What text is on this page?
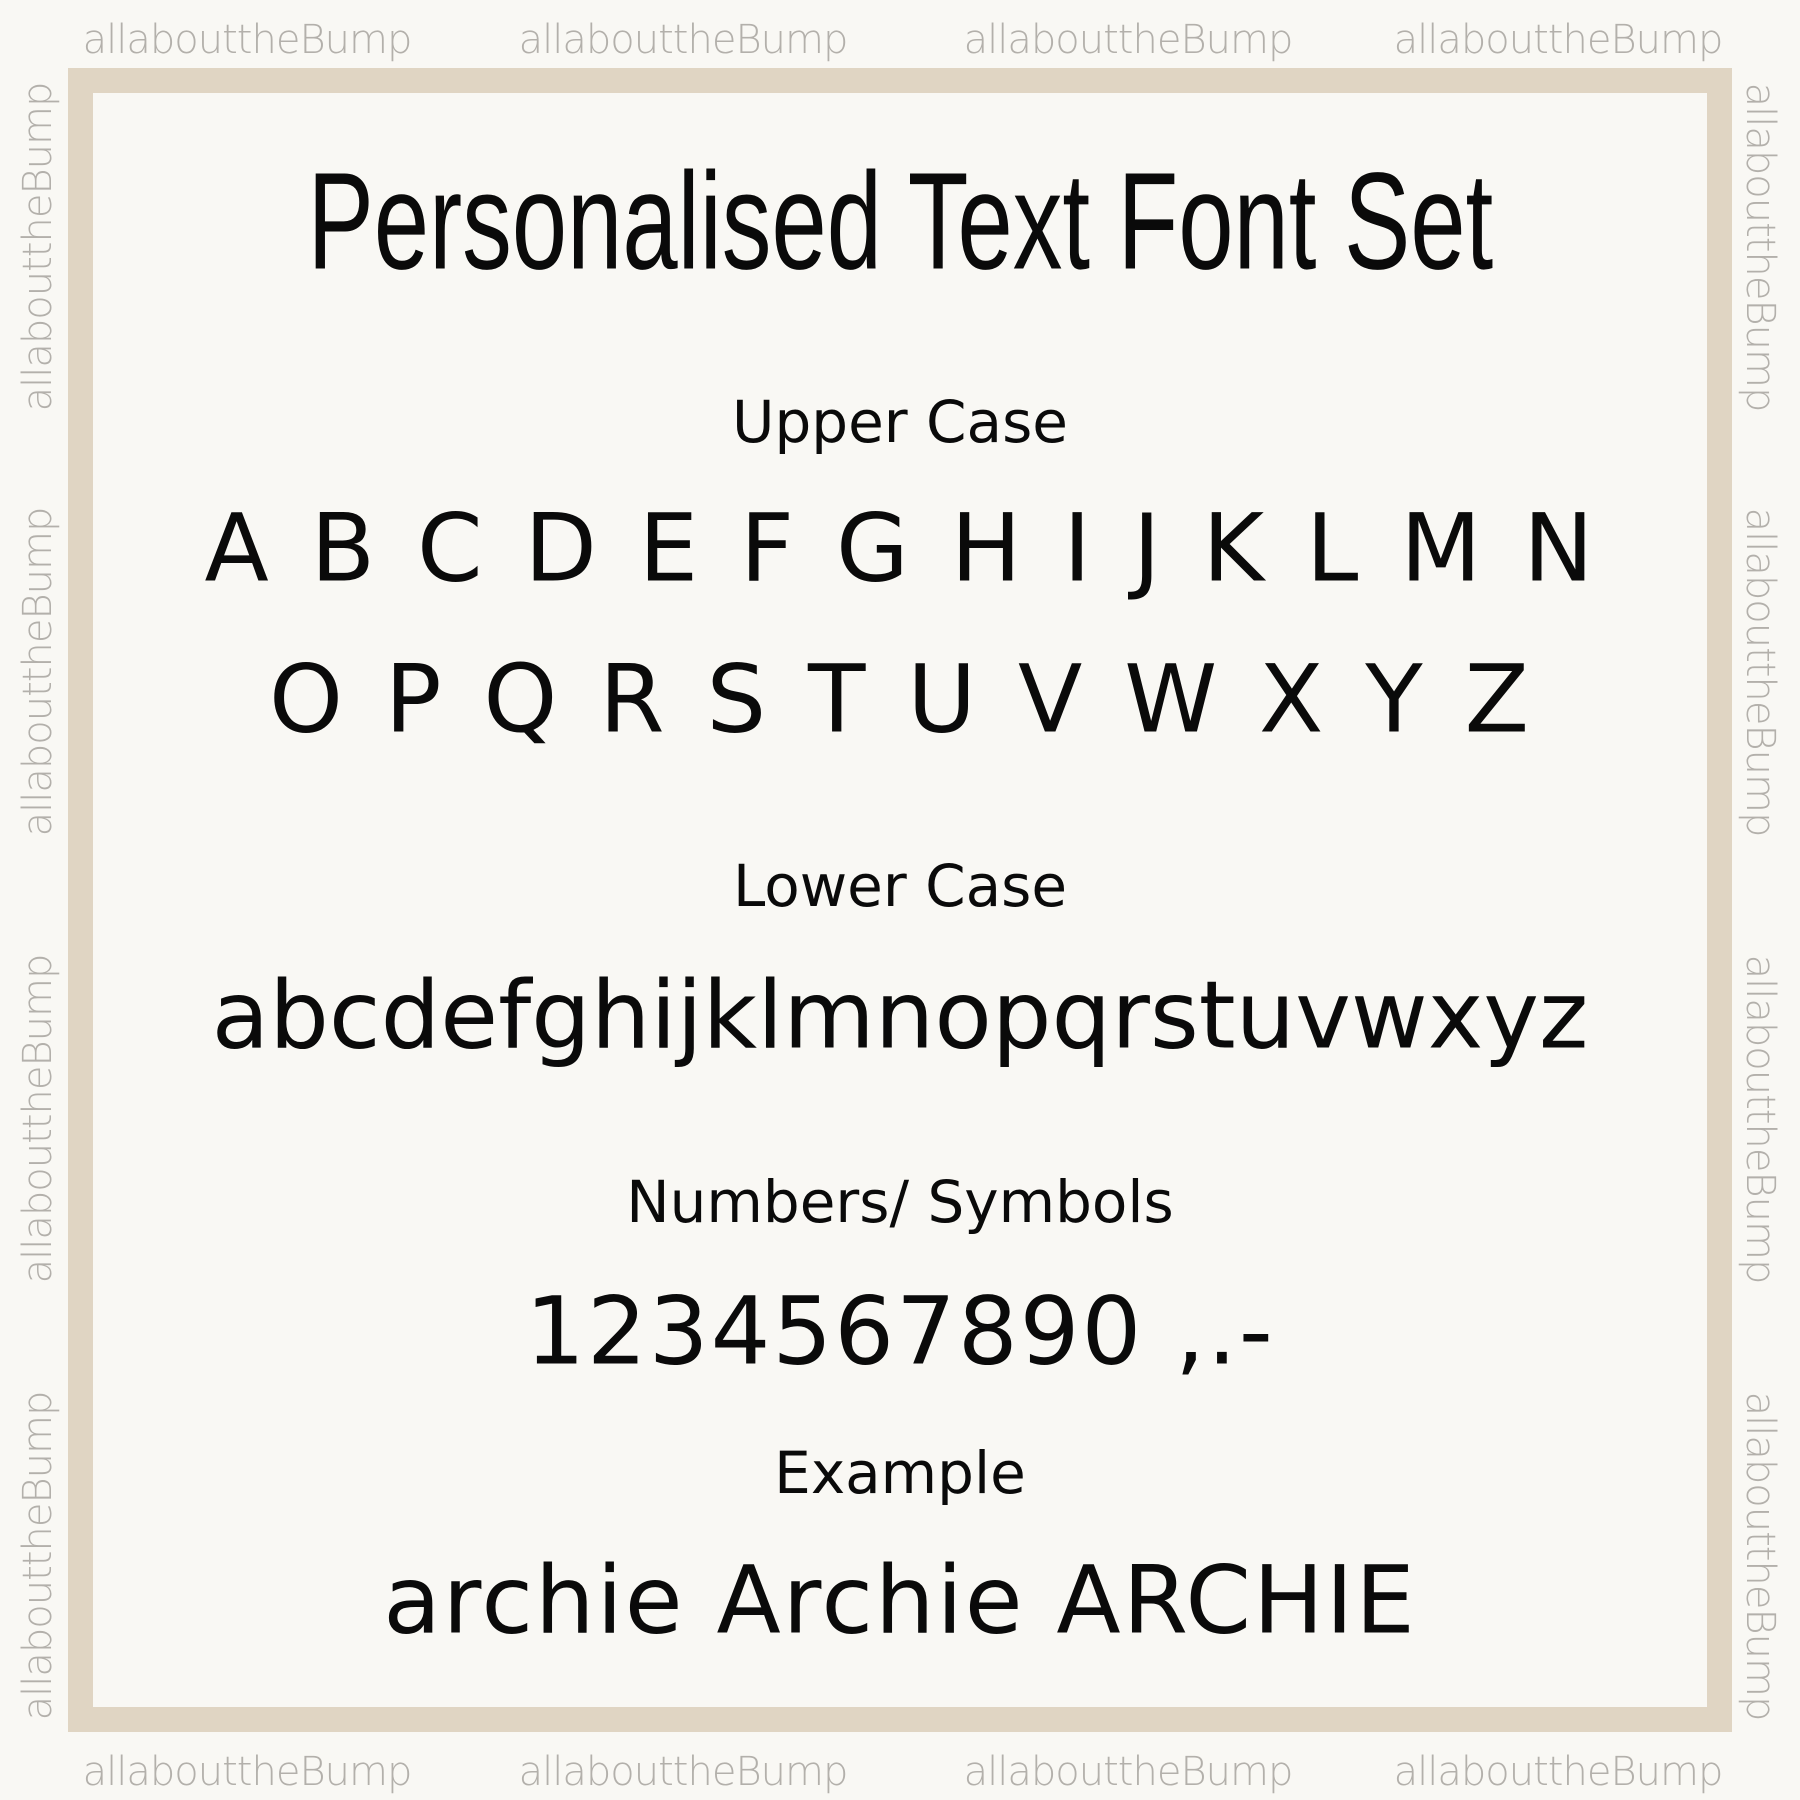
allabouttheBump	allabouttheBump	allabouttheBump	allabouttheBump
allabouttheBump	allabouttheBump	allabouttheBump	allabouttheBump
allabouttheBump
allabouttheBump
allabouttheBump
allabouttheBump
allabouttheBump
allabouttheBump
allabouttheBump
allabouttheBump
Personalised Text Font Set
Upper Case
A B C D E F G H I J K L M N
O P Q R S T U V W X Y Z
Lower Case
abcdefghijklmnopqrstuvwxyz
Numbers/ Symbols
1234567890 ,.-
Example
archie Archie ARCHIE
